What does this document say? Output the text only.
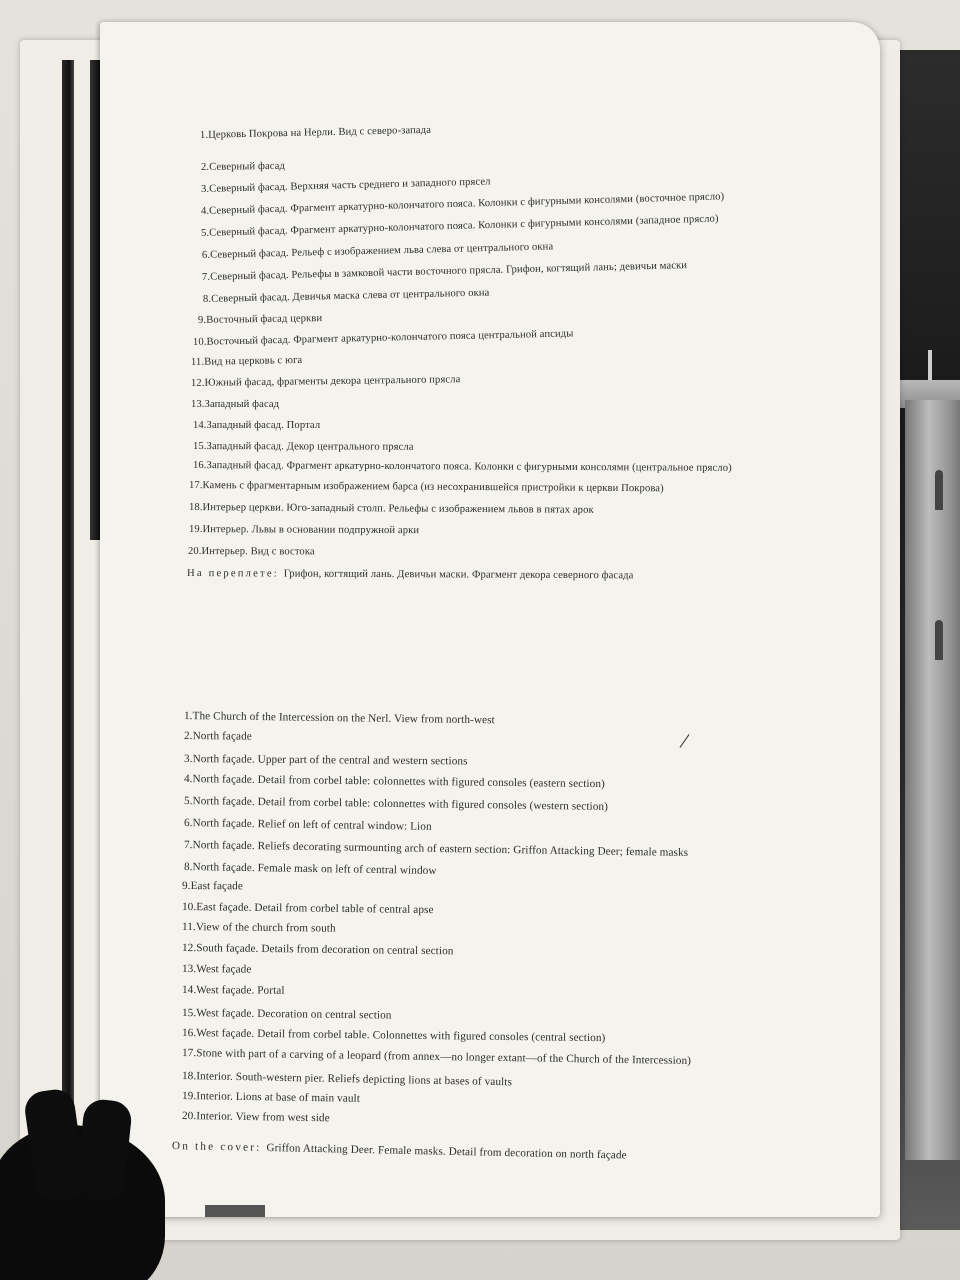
1.Церковь Покрова на Нерли. Вид с северо-запада
2.Северный фасад
3.Северный фасад. Верхняя часть среднего и западного прясел
4.Северный фасад. Фрагмент аркатурно-колончатого пояса. Колонки с фигурными консолями (восточное прясло)
5.Северный фасад. Фрагмент аркатурно-колончатого пояса. Колонки с фигурными консолями (западное прясло)
6.Северный фасад. Рельеф с изображением льва слева от центрального окна
7.Северный фасад. Рельефы в замковой части восточного прясла. Грифон, когтящий лань; девичьи маски
8.Северный фасад. Девичья маска слева от центрального окна
9.Восточный фасад церкви
10.Восточный фасад. Фрагмент аркатурно-колончатого пояса центральной апсиды
11.Вид на церковь с юга
12.Южный фасад, фрагменты декора центрального прясла
13.Западный фасад
14.Западный фасад. Портал
15.Западный фасад. Декор центрального прясла
16.Западный фасад. Фрагмент аркатурно-колончатого пояса. Колонки с фигурными консолями (центральное прясло)
17.Камень с фрагментарным изображением барса (из несохранившейся пристройки к церкви Покрова)
18.Интерьер церкви. Юго-западный столп. Рельефы с изображением львов в пятах арок
19.Интерьер. Львы в основании подпружной арки
20.Интерьер. Вид с востока
На переплете: Грифон, когтящий лань. Девичьи маски. Фрагмент декора северного фасада
1.The Church of the Intercession on the Nerl. View from north-west
2.North façade
3.North façade. Upper part of the central and western sections
4.North façade. Detail from corbel table: colonnettes with figured consoles (eastern section)
5.North façade. Detail from corbel table: colonnettes with figured consoles (western section)
6.North façade. Relief on left of central window: Lion
7.North façade. Reliefs decorating surmounting arch of eastern section: Griffon Attacking Deer; female masks
8.North façade. Female mask on left of central window
9.East façade
10.East façade. Detail from corbel table of central apse
11.View of the church from south
12.South façade. Details from decoration on central section
13.West façade
14.West façade. Portal
15.West façade. Decoration on central section
16.West façade. Detail from corbel table. Colonnettes with figured consoles (central section)
17.Stone with part of a carving of a leopard (from annex—no longer extant—of the Church of the Intercession)
18.Interior. South-western pier. Reliefs depicting lions at bases of vaults
19.Interior. Lions at base of main vault
20.Interior. View from west side
On the cover: Griffon Attacking Deer. Female masks. Detail from decoration on north façade
